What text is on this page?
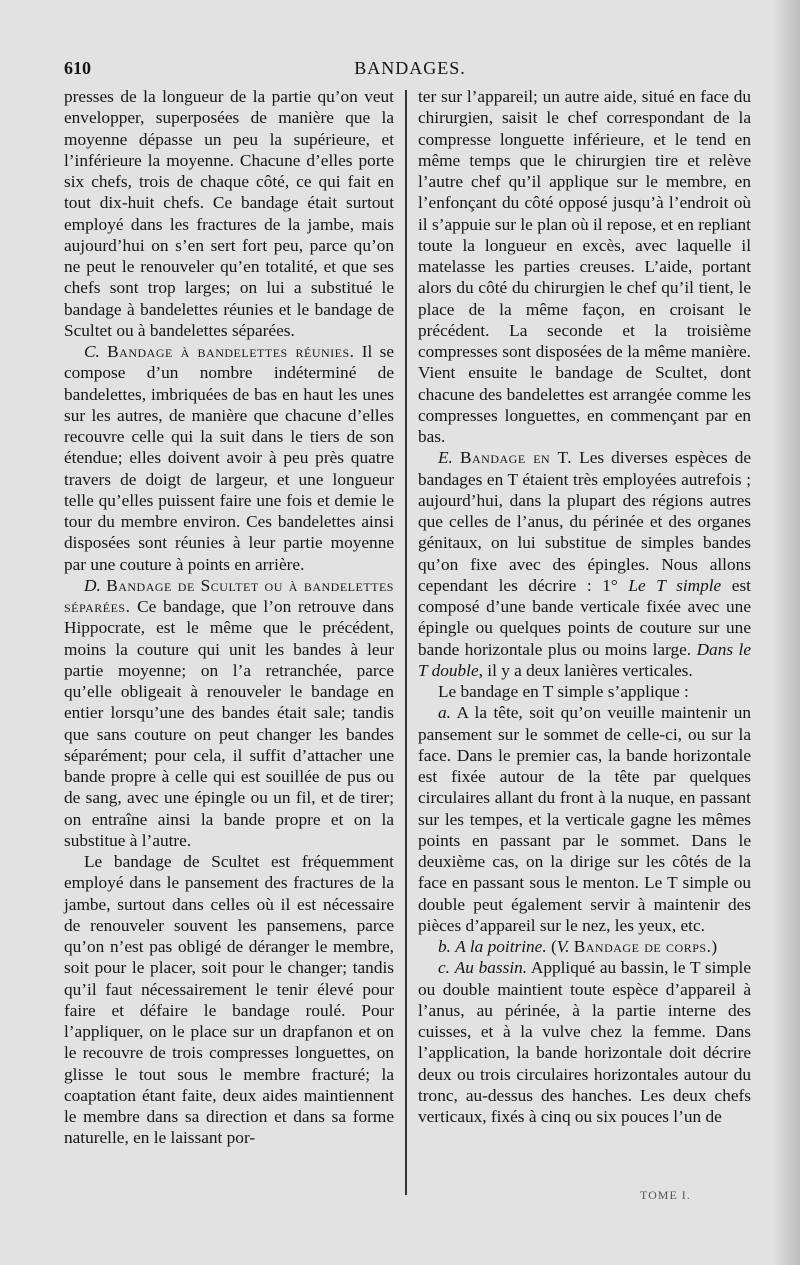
610	BANDAGES.

presses de la longueur de la partie qu’on veut envelopper, superposées de manière que la moyenne dépasse un peu la supérieure, et l’inférieure la moyenne. Chacune d’elles porte six chefs, trois de chaque côté, ce qui fait en tout dix-huit chefs. Ce bandage était surtout employé dans les fractures de la jambe, mais aujourd’hui on s’en sert fort peu, parce qu’on ne peut le renouveler qu’en totalité, et que ses chefs sont trop larges; on lui a substitué le bandage à bandelettes réunies et le bandage de Scultet ou à bandelettes séparées.

C. Bandage à bandelettes réunies. Il se compose d’un nombre indéterminé de bandelettes, imbriquées de bas en haut les unes sur les autres, de manière que chacune d’elles recouvre celle qui la suit dans le tiers de son étendue; elles doivent avoir à peu près quatre travers de doigt de largeur, et une longueur telle qu’elles puissent faire une fois et demie le tour du membre environ. Ces bandelettes ainsi disposées sont réunies à leur partie moyenne par une couture à points en arrière.

D. Bandage de Scultet ou à bandelettes séparées. Ce bandage, que l’on retrouve dans Hippocrate, est le même que le précédent, moins la couture qui unit les bandes à leur partie moyenne; on l’a retranchée, parce qu’elle obligeait à renouveler le bandage en entier lorsqu’une des bandes était sale; tandis que sans couture on peut changer les bandes séparément; pour cela, il suffit d’attacher une bande propre à celle qui est souillée de pus ou de sang, avec une épingle ou un fil, et de tirer; on entraîne ainsi la bande propre et on la substitue à l’autre.

Le bandage de Scultet est fréquemment employé dans le pansement des fractures de la jambe, surtout dans celles où il est nécessaire de renouveler souvent les pansemens, parce qu’on n’est pas obligé de déranger le membre, soit pour le placer, soit pour le changer; tandis qu’il faut nécessairement le tenir élevé pour faire et défaire le bandage roulé. Pour l’appliquer, on le place sur un drapfanon et on le recouvre de trois compresses longuettes, on glisse le tout sous le membre fracturé; la coaptation étant faite, deux aides maintiennent le membre dans sa direction et dans sa forme naturelle, en le laissant por-

ter sur l’appareil; un autre aide, situé en face du chirurgien, saisit le chef correspondant de la compresse longuette inférieure, et le tend en même temps que le chirurgien tire et relève l’autre chef qu’il applique sur le membre, en l’enfonçant du côté opposé jusqu’à l’endroit où il s’appuie sur le plan où il repose, et en repliant toute la longueur en excès, avec laquelle il matelasse les parties creuses. L’aide, portant alors du côté du chirurgien le chef qu’il tient, le place de la même façon, en croisant le précédent. La seconde et la troisième compresses sont disposées de la même manière. Vient ensuite le bandage de Scultet, dont chacune des bandelettes est arrangée comme les compresses longuettes, en commençant par en bas.

E. Bandage en T. Les diverses espèces de bandages en T étaient très employées autrefois ; aujourd’hui, dans la plupart des régions autres que celles de l’anus, du périnée et des organes génitaux, on lui substitue de simples bandes qu’on fixe avec des épingles. Nous allons cependant les décrire : 1° Le T simple est composé d’une bande verticale fixée avec une épingle ou quelques points de couture sur une bande horizontale plus ou moins large. Dans le T double, il y a deux lanières verticales.

Le bandage en T simple s’applique :

a. A la tête, soit qu’on veuille maintenir un pansement sur le sommet de celle-ci, ou sur la face. Dans le premier cas, la bande horizontale est fixée autour de la tête par quelques circulaires allant du front à la nuque, en passant sur les tempes, et la verticale gagne les mêmes points en passant par le sommet. Dans le deuxième cas, on la dirige sur les côtés de la face en passant sous le menton. Le T simple ou double peut également servir à maintenir des pièces d’appareil sur le nez, les yeux, etc.

b. A la poitrine. (V. Bandage de corps.)

c. Au bassin. Appliqué au bassin, le T simple ou double maintient toute espèce d’appareil à l’anus, au périnée, à la partie interne des cuisses, et à la vulve chez la femme. Dans l’application, la bande horizontale doit décrire deux ou trois circulaires horizontales autour du tronc, au-dessus des hanches. Les deux chefs verticaux, fixés à cinq ou six pouces l’un de

TOME I.
